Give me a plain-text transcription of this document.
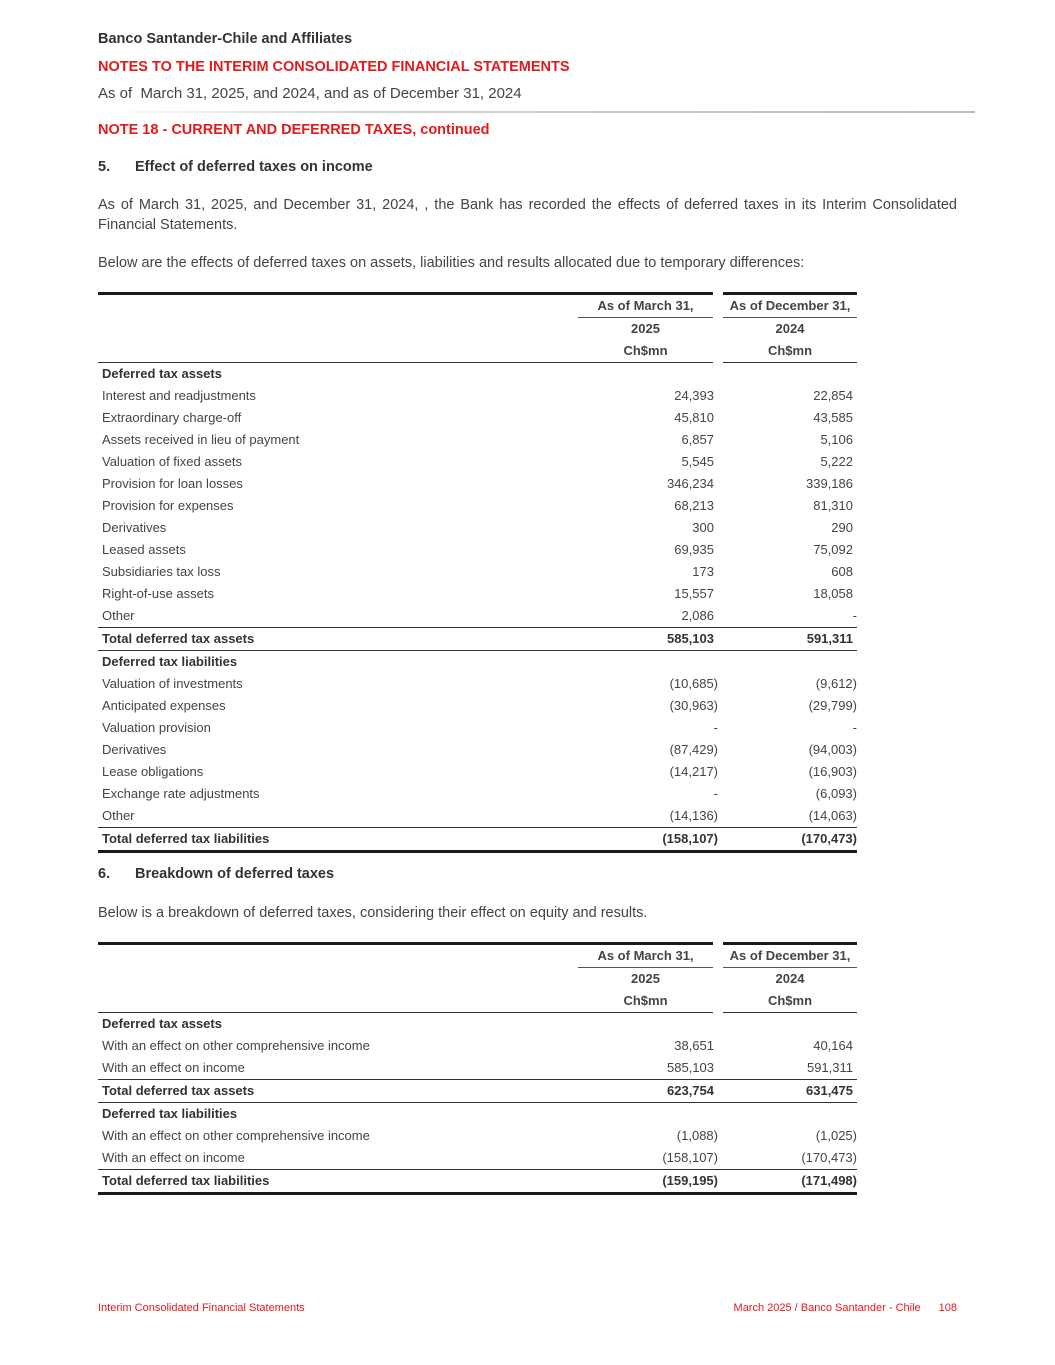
Banco Santander-Chile and Affiliates
NOTES TO THE INTERIM CONSOLIDATED FINANCIAL STATEMENTS
As of  March 31, 2025, and 2024, and as of December 31, 2024
NOTE 18 - CURRENT AND DEFERRED TAXES, continued
5. Effect of deferred taxes on income
As of March 31, 2025, and December 31, 2024, , the Bank has recorded the effects of deferred taxes in its Interim Consolidated Financial Statements.
Below are the effects of deferred taxes on assets, liabilities and results allocated due to temporary differences:
	As of March 31,	As of December 31,
	2025	2024
	Ch$mn	Ch$mn
Deferred tax assets		
Interest and readjustments	24,393	22,854
Extraordinary charge-off	45,810	43,585
Assets received in lieu of payment	6,857	5,106
Valuation of fixed assets	5,545	5,222
Provision for loan losses	346,234	339,186
Provision for expenses	68,213	81,310
Derivatives	300	290
Leased assets	69,935	75,092
Subsidiaries tax loss	173	608
Right-of-use assets	15,557	18,058
Other	2,086	-
Total deferred tax assets	585,103	591,311
Deferred tax liabilities		
Valuation of investments	(10,685)	(9,612)
Anticipated expenses	(30,963)	(29,799)
Valuation provision	-	-
Derivatives	(87,429)	(94,003)
Lease obligations	(14,217)	(16,903)
Exchange rate adjustments	-	(6,093)
Other	(14,136)	(14,063)
Total deferred tax liabilities	(158,107)	(170,473)
6. Breakdown of deferred taxes
Below is a breakdown of deferred taxes, considering their effect on equity and results.
	As of March 31,	As of December 31,
	2025	2024
	Ch$mn	Ch$mn
Deferred tax assets		
With an effect on other comprehensive income	38,651	40,164
With an effect on income	585,103	591,311
Total deferred tax assets	623,754	631,475
Deferred tax liabilities		
With an effect on other comprehensive income	(1,088)	(1,025)
With an effect on income	(158,107)	(170,473)
Total deferred tax liabilities	(159,195)	(171,498)
Interim Consolidated Financial Statements	March 2025 / Banco Santander - Chile 108
